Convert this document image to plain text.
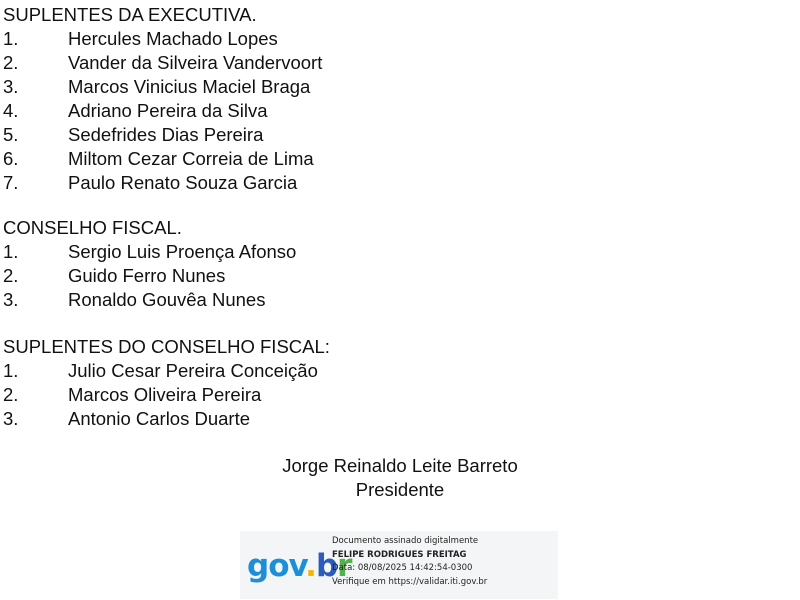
SUPLENTES DA EXECUTIVA.
1.	Hercules Machado Lopes
2.	Vander da Silveira Vandervoort
3.	Marcos Vinicius Maciel Braga
4.	Adriano Pereira da Silva
5.	Sedefrides Dias Pereira
6.	Miltom Cezar Correia de Lima
7.	Paulo Renato Souza Garcia
CONSELHO FISCAL.
1.	Sergio Luis Proença Afonso
2.	Guido Ferro Nunes
3.	Ronaldo Gouvêa Nunes
SUPLENTES DO CONSELHO FISCAL:
1.	Julio Cesar Pereira Conceição
2.	Marcos Oliveira Pereira
3.	Antonio Carlos Duarte
Jorge Reinaldo Leite Barreto
Presidente
gov.br
Documento assinado digitalmente
FELIPE RODRIGUES FREITAG
Data: 08/08/2025 14:42:54-0300
Verifique em https://validar.iti.gov.br
